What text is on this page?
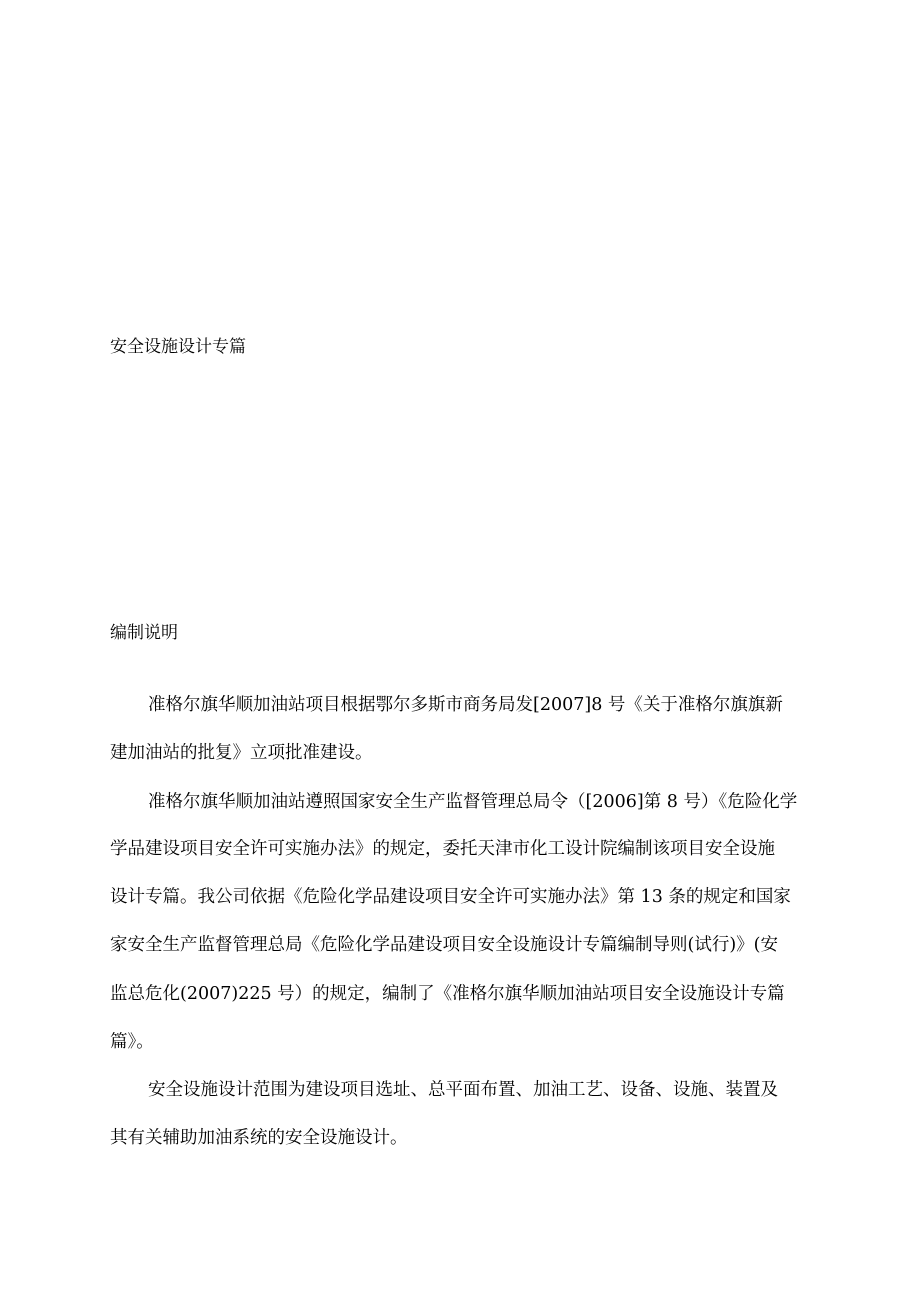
安全设施设计专篇
编制说明
准格尔旗华顺加油站项目根据鄂尔多斯市商务局发[2007]8 号《关于准格尔旗旗新
建加油站的批复》立项批准建设。
准格尔旗华顺加油站遵照国家安全生产监督管理总局令（[2006]第 8 号）《危险化学
学品建设项目安全许可实施办法》的规定，委托天津市化工设计院编制该项目安全设施
设计专篇。我公司依据《危险化学品建设项目安全许可实施办法》第 13 条的规定和国家
家安全生产监督管理总局《危险化学品建设项目安全设施设计专篇编制导则(试行)》(安
监总危化(2007)225 号）的规定，编制了《准格尔旗华顺加油站项目安全设施设计专篇
篇》。
安全设施设计范围为建设项目选址、总平面布置、加油工艺、设备、设施、装置及
其有关辅助加油系统的安全设施设计。
